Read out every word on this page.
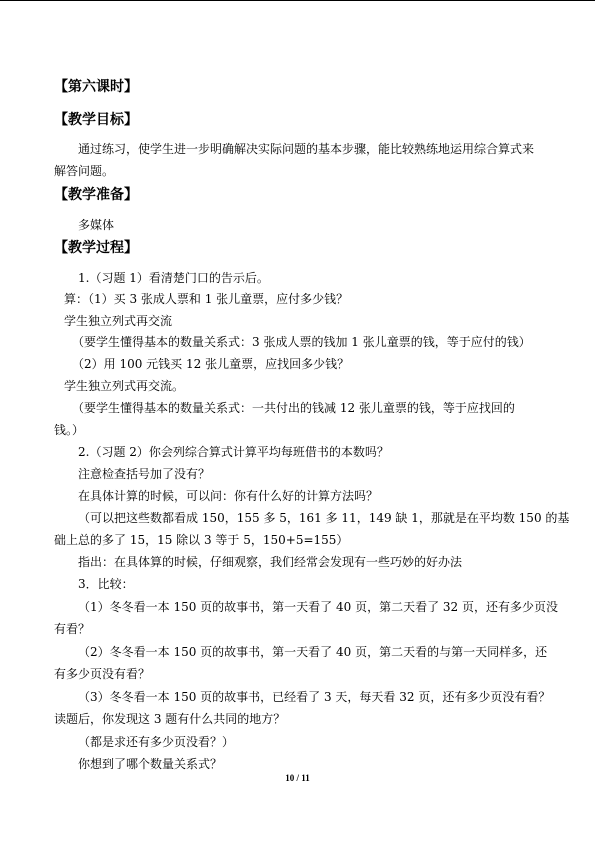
【第六课时】
【教学目标】
通过练习，使学生进一步明确解决实际问题的基本步骤，能比较熟练地运用综合算式来
解答问题。
【教学准备】
多媒体
【教学过程】
1.（习题 1）看清楚门口的告示后。
算：（1）买 3 张成人票和 1 张儿童票，应付多少钱？
学生独立列式再交流
（要学生懂得基本的数量关系式：3 张成人票的钱加 1 张儿童票的钱，等于应付的钱）
（2）用 100 元钱买 12 张儿童票，应找回多少钱？
学生独立列式再交流。
（要学生懂得基本的数量关系式：一共付出的钱减 12 张儿童票的钱，等于应找回的
钱。）
2.（习题 2）你会列综合算式计算平均每班借书的本数吗？
注意检查括号加了没有？
在具体计算的时候，可以问：你有什么好的计算方法吗？
（可以把这些数都看成 150，155 多 5，161 多 11，149 缺 1，那就是在平均数 150 的基
础上总的多了 15，15 除以 3 等于 5，150+5=155）
指出：在具体算的时候，仔细观察，我们经常会发现有一些巧妙的好办法
3．比较：
（1）冬冬看一本 150 页的故事书，第一天看了 40 页，第二天看了 32 页，还有多少页没
有看？
（2）冬冬看一本 150 页的故事书，第一天看了 40 页，第二天看的与第一天同样多，还
有多少页没有看？
（3）冬冬看一本 150 页的故事书，已经看了 3 天，每天看 32 页，还有多少页没有看？
读题后，你发现这 3 题有什么共同的地方？
（都是求还有多少页没看？）
你想到了哪个数量关系式？
10 / 11
